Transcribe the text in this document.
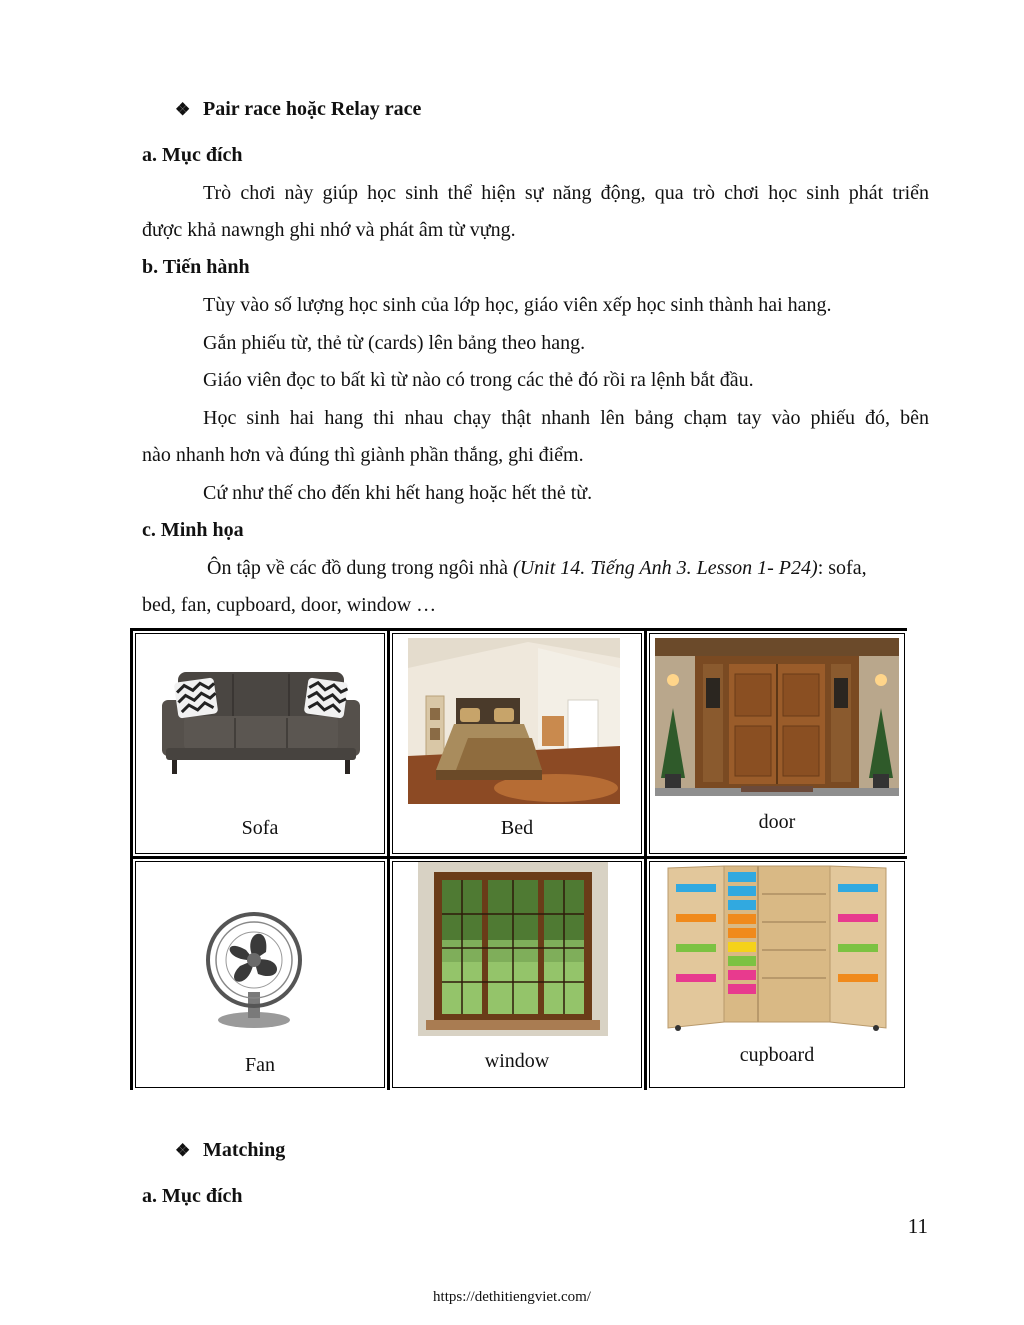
❖ Pair race hoặc Relay race
a. Mục đích
Trò chơi này giúp học sinh thể hiện sự năng động, qua trò chơi học sinh phát triển
được khả nawngh ghi nhớ và phát âm từ vựng.
b. Tiến hành
Tùy vào số lượng học sinh của lớp học, giáo viên xếp học sinh thành hai hang.
Gắn phiếu từ, thẻ từ (cards) lên bảng theo hang.
Giáo viên đọc to bất kì từ nào có trong các thẻ đó rồi ra lệnh bắt đầu.
Học sinh hai hang thi nhau chạy thật nhanh lên bảng chạm tay vào phiếu đó, bên
nào nhanh hơn và đúng thì giành phần thắng, ghi điểm.
Cứ như thế cho đến khi hết hang hoặc hết thẻ từ.
c. Minh họa
Ôn tập về các đồ dung trong ngôi nhà (Unit 14. Tiếng Anh 3. Lesson 1- P24): sofa,
bed, fan, cupboard, door, window …
Sofa	Bed	door
Fan	window	cupboard
❖ Matching
a. Mục đích
11
https://dethitiengviet.com/
